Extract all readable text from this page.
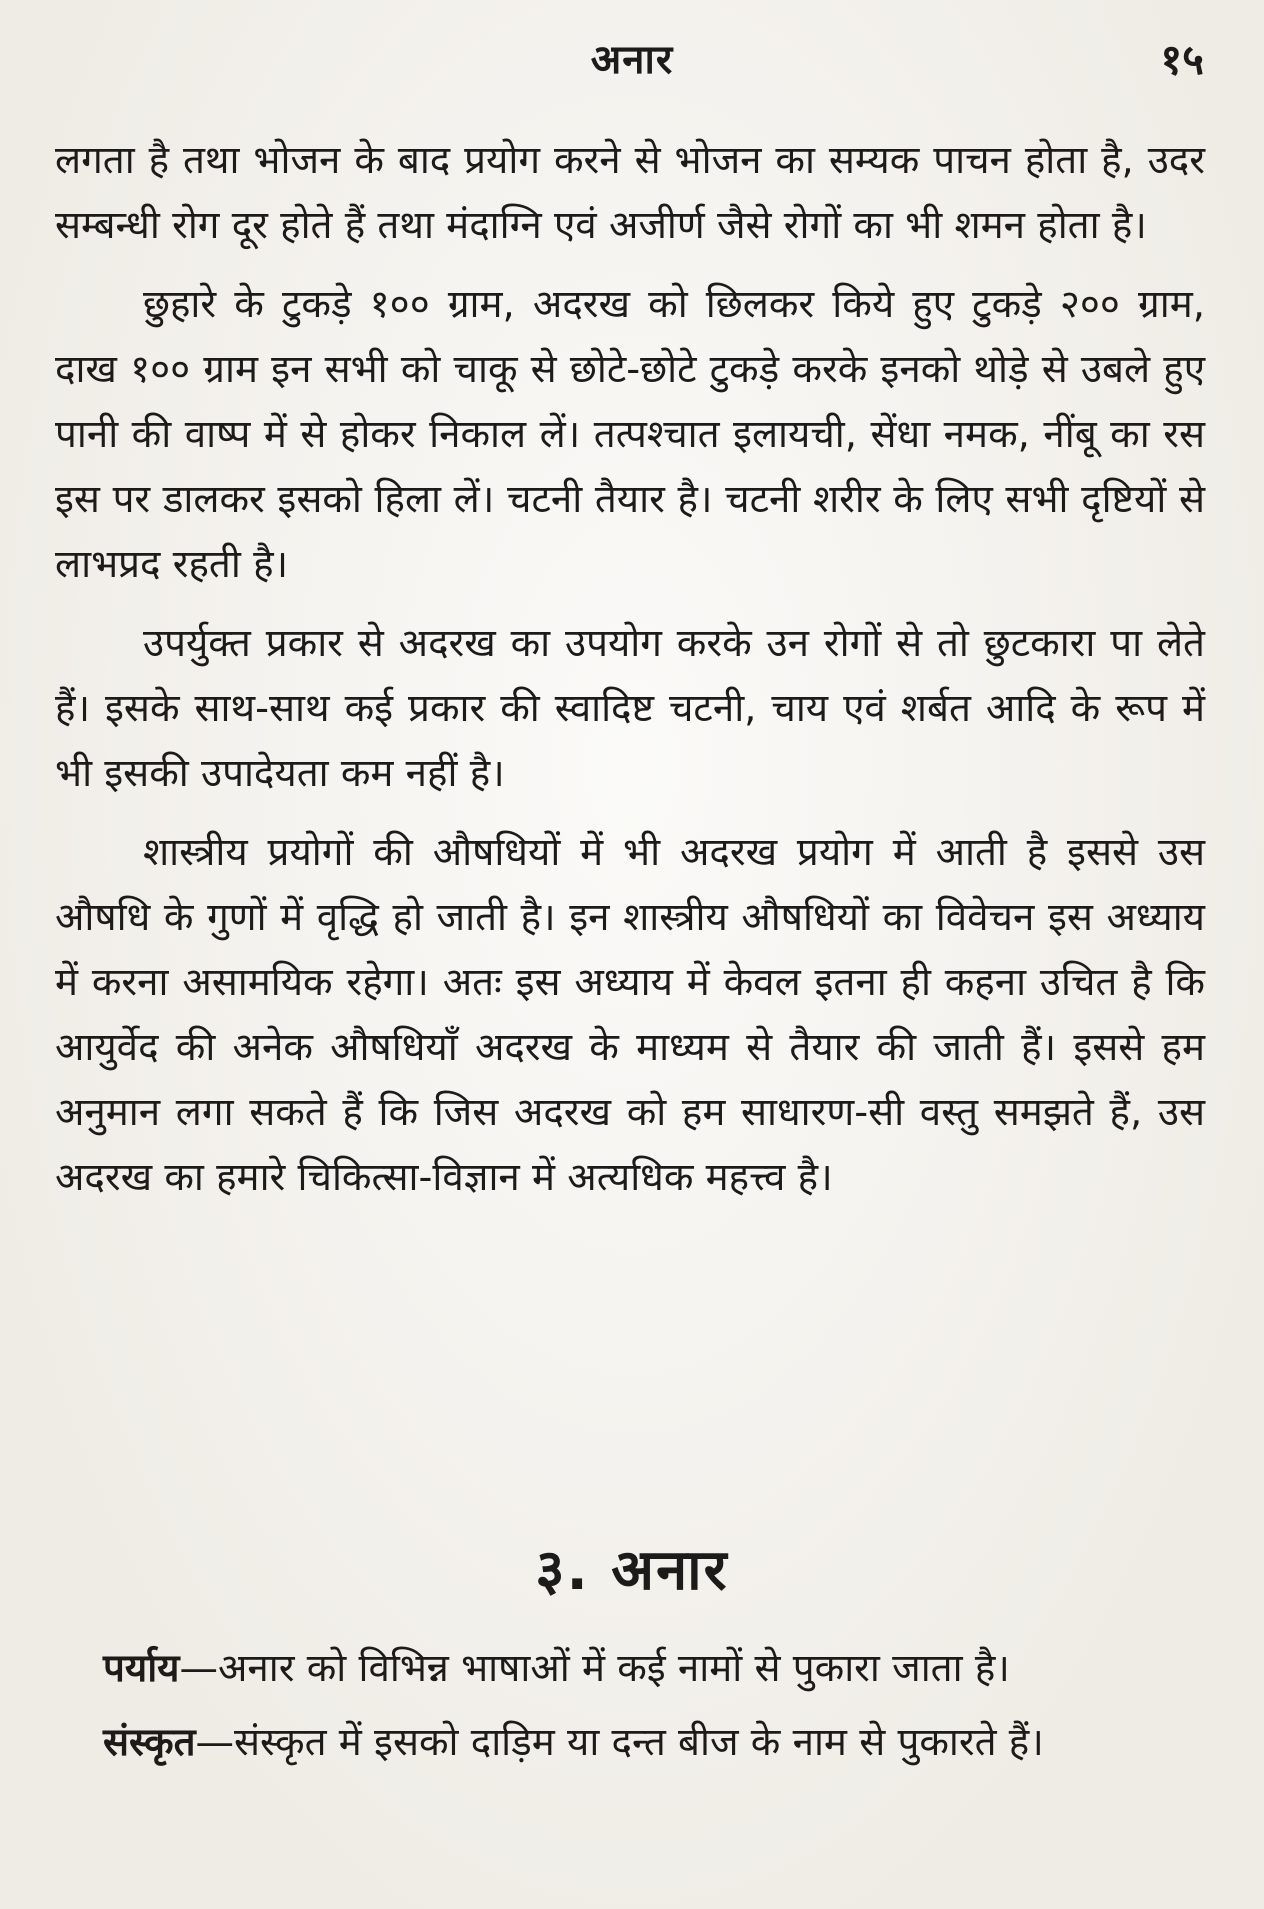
अनार	१५

लगता है तथा भोजन के बाद प्रयोग करने से भोजन का सम्यक पाचन होता है, उदर सम्बन्धी रोग दूर होते हैं तथा मंदाग्नि एवं अजीर्ण जैसे रोगों का भी शमन होता है।

छुहारे के टुकड़े १०० ग्राम, अदरख को छिलकर किये हुए टुकड़े २०० ग्राम, दाख १०० ग्राम इन सभी को चाकू से छोटे-छोटे टुकड़े करके इनको थोड़े से उबले हुए पानी की वाष्प में से होकर निकाल लें। तत्पश्चात इलायची, सेंधा नमक, नींबू का रस इस पर डालकर इसको हिला लें। चटनी तैयार है। चटनी शरीर के लिए सभी दृष्टियों से लाभप्रद रहती है।

उपर्युक्त प्रकार से अदरख का उपयोग करके उन रोगों से तो छुटकारा पा लेते हैं। इसके साथ-साथ कई प्रकार की स्वादिष्ट चटनी, चाय एवं शर्बत आदि के रूप में भी इसकी उपादेयता कम नहीं है।

शास्त्रीय प्रयोगों की औषधियों में भी अदरख प्रयोग में आती है इससे उस औषधि के गुणों में वृद्धि हो जाती है। इन शास्त्रीय औषधियों का विवेचन इस अध्याय में करना असामयिक रहेगा। अतः इस अध्याय में केवल इतना ही कहना उचित है कि आयुर्वेद की अनेक औषधियाँ अदरख के माध्यम से तैयार की जाती हैं। इससे हम अनुमान लगा सकते हैं कि जिस अदरख को हम साधारण-सी वस्तु समझते हैं, उस अदरख का हमारे चिकित्सा-विज्ञान में अत्यधिक महत्त्व है।

३. अनार

पर्याय—अनार को विभिन्न भाषाओं में कई नामों से पुकारा जाता है।

संस्कृत—संस्कृत में इसको दाड़िम या दन्त बीज के नाम से पुकारते हैं।
